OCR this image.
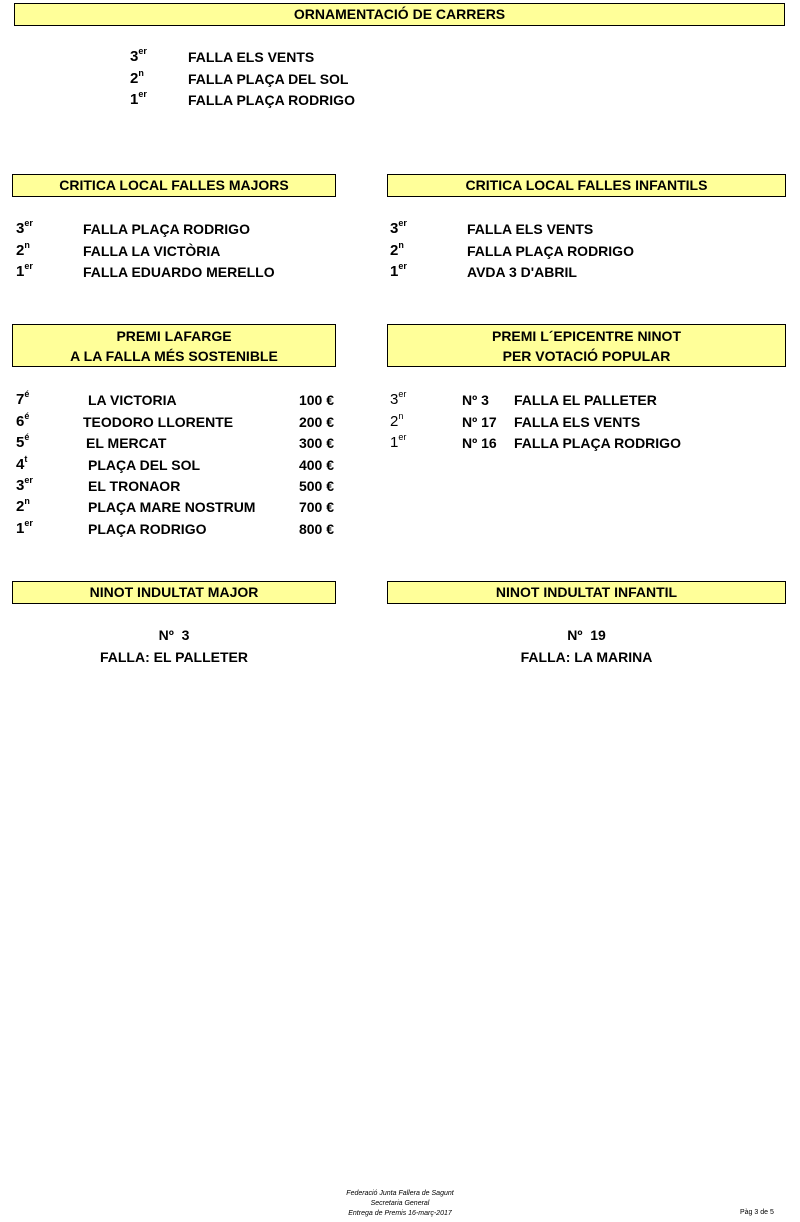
ORNAMENTACIÓ DE CARRERS
3er	FALLA ELS VENTS
2$^n$	FALLA PLAÇA DEL SOL
1er	FALLA PLAÇA RODRIGO
CRITICA LOCAL FALLES MAJORS
3er	FALLA PLAÇA RODRIGO
2$^n$	FALLA LA VICTÒRIA
1er	FALLA EDUARDO MERELLO
CRITICA LOCAL FALLES INFANTILS
3er	FALLA ELS VENTS
2$^n$	FALLA PLAÇA RODRIGO
1er	AVDA 3 D'ABRIL
PREMI LAFARGE
A LA FALLA MÉS SOSTENIBLE
$7^é$	LA VICTORIA	100 €
$6^é$	TEODORO LLORENTE	200 €
$5^é$	EL MERCAT	300 €
4$^t$	PLAÇA DEL SOL	400 €
3er	EL TRONAOR	500 €
2$^n$	PLAÇA MARE NOSTRUM	700 €
1er	PLAÇA RODRIGO	800 €
PREMI L´EPICENTRE NINOT
PER VOTACIÓ POPULAR
3er	Nº 3 FALLA EL PALLETER
2$^n$	Nº 17 FALLA ELS VENTS
1er	Nº 16 FALLA PLAÇA RODRIGO
NINOT INDULTAT MAJOR
Nº  3
FALLA: EL PALLETER
NINOT INDULTAT INFANTIL
Nº  19
FALLA: LA MARINA
Federació Junta Fallera de Sagunt
Secretaria General
Entrega de Premis 16-març-2017	Pàg 3 de 5
